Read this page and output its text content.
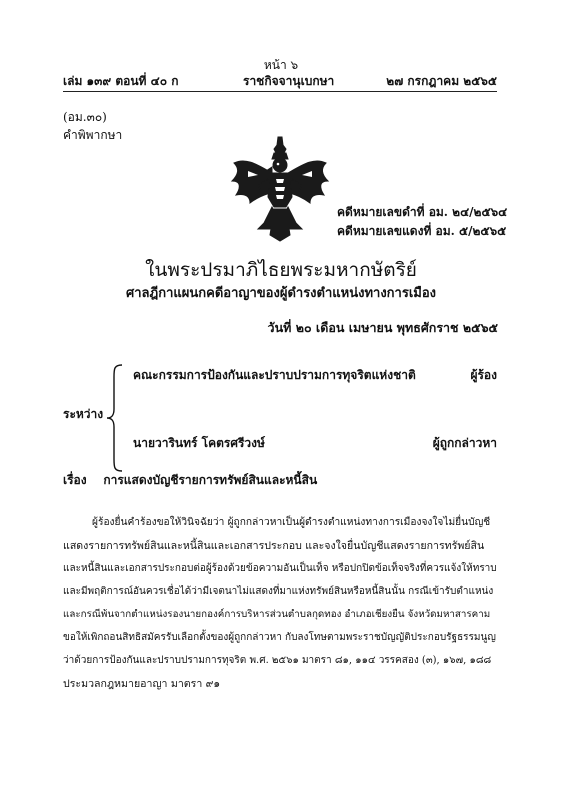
หน้า ๖
เล่ม ๑๓๙ ตอนที่ ๔๐ ก	ราชกิจจานุเบกษา	๒๗ กรกฎาคม ๒๕๖๕
(อม.๓๐)
คำพิพากษา
คดีหมายเลขดำที่ อม. ๒๔/๒๕๖๔
คดีหมายเลขแดงที่ อม. ๕/๒๕๖๕
ในพระปรมาภิไธยพระมหากษัตริย์
ศาลฎีกาแผนกคดีอาญาของผู้ดำรงตำแหน่งทางการเมือง
วันที่ ๒๐ เดือน เมษายน พุทธศักราช ๒๕๖๕
คณะกรรมการป้องกันและปราบปรามการทุจริตแห่งชาติ	ผู้ร้อง
ระหว่าง
นายวารินทร์ โคตรศรีวงษ์	ผู้ถูกกล่าวหา
เรื่อง การแสดงบัญชีรายการทรัพย์สินและหนี้สิน
ผู้ร้องยื่นคำร้องขอให้วินิจฉัยว่า ผู้ถูกกล่าวหาเป็นผู้ดำรงตำแหน่งทางการเมืองจงใจไม่ยื่นบัญชี
แสดงรายการทรัพย์สินและหนี้สินและเอกสารประกอบ และจงใจยื่นบัญชีแสดงรายการทรัพย์สิน
และหนี้สินและเอกสารประกอบต่อผู้ร้องด้วยข้อความอันเป็นเท็จ หรือปกปิดข้อเท็จจริงที่ควรแจ้งให้ทราบ
และมีพฤติการณ์อันควรเชื่อได้ว่ามีเจตนาไม่แสดงที่มาแห่งทรัพย์สินหรือหนี้สินนั้น กรณีเข้ารับตำแหน่ง
และกรณีพ้นจากตำแหน่งรองนายกองค์การบริหารส่วนตำบลกุดทอง อำเภอเชียงยืน จังหวัดมหาสารคาม
ขอให้เพิกถอนสิทธิสมัครรับเลือกตั้งของผู้ถูกกล่าวหา กับลงโทษตามพระราชบัญญัติประกอบรัฐธรรมนูญ
ว่าด้วยการป้องกันและปราบปรามการทุจริต พ.ศ. ๒๕๖๑ มาตรา ๘๑, ๑๑๔ วรรคสอง (๓), ๑๖๗, ๑๘๘
ประมวลกฎหมายอาญา มาตรา ๙๑
